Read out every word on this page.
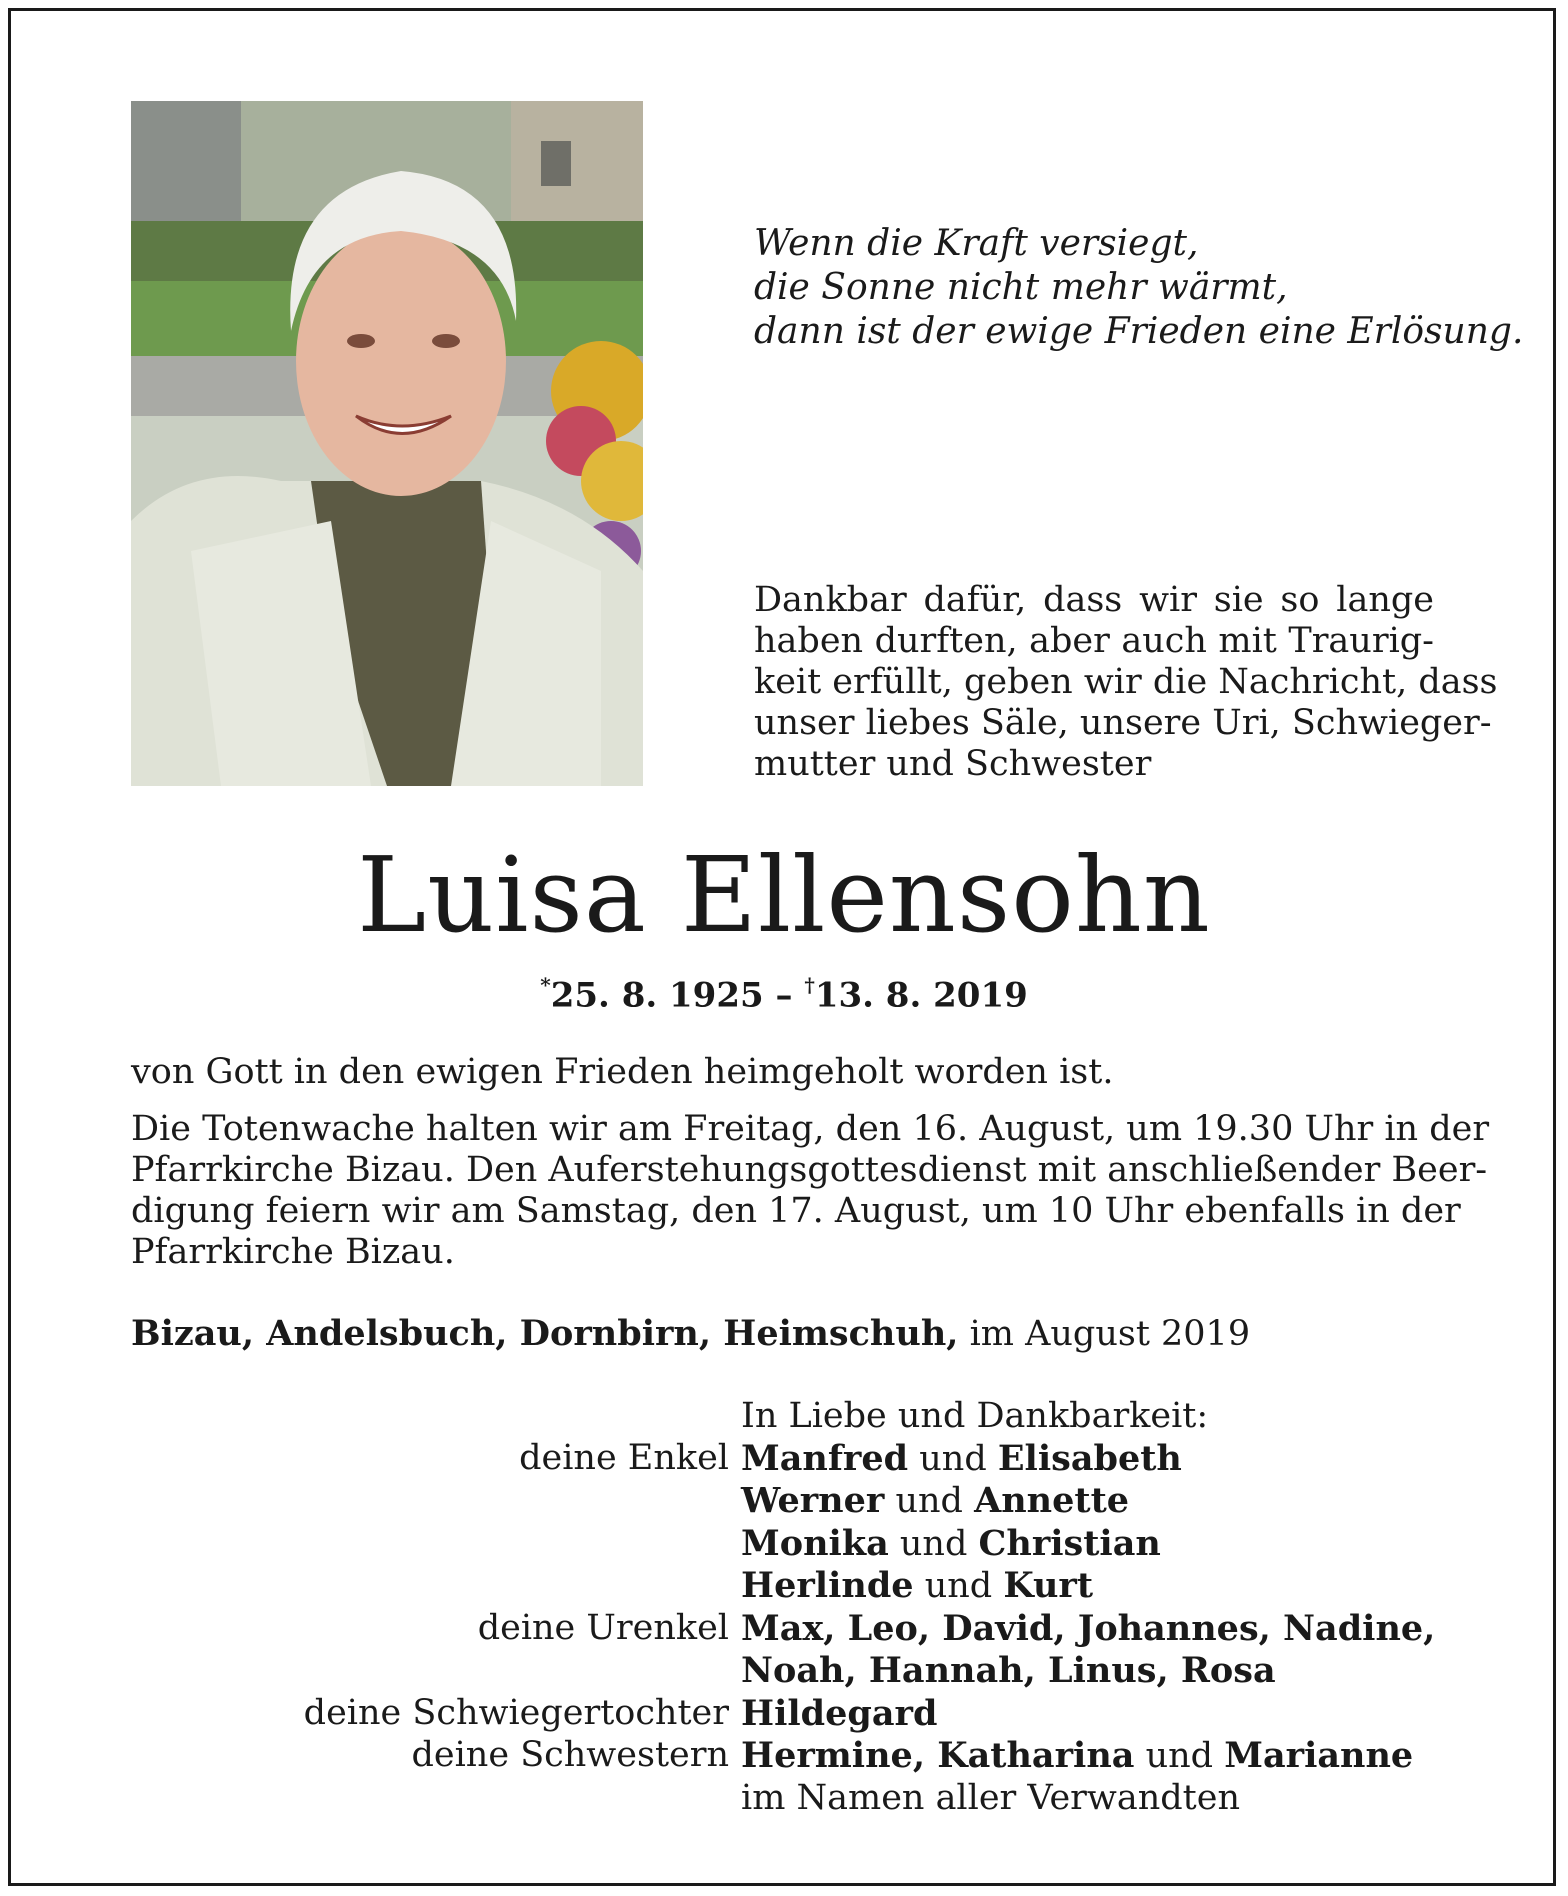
Wenn die Kraft versiegt,
die Sonne nicht mehr wärmt,
dann ist der ewige Frieden eine Erlösung.
Dankbar dafür, dass wir sie so lange
haben durften, aber auch mit Traurig-
keit erfüllt, geben wir die Nachricht, dass
unser liebes Säle, unsere Uri, Schwieger-
mutter und Schwester
Luisa Ellensohn
*25. 8. 1925 – †13. 8. 2019
von Gott in den ewigen Frieden heimgeholt worden ist.
Die Totenwache halten wir am Freitag, den 16. August, um 19.30 Uhr in der
Pfarrkirche Bizau. Den Auferstehungsgottesdienst mit anschließender Beer-
digung feiern wir am Samstag, den 17. August, um 10 Uhr ebenfalls in der
Pfarrkirche Bizau.
Bizau, Andelsbuch, Dornbirn, Heimschuh, im August 2019
In Liebe und Dankbarkeit:
deine Enkel Manfred und Elisabeth
Werner und Annette
Monika und Christian
Herlinde und Kurt
deine Urenkel Max, Leo, David, Johannes, Nadine,
Noah, Hannah, Linus, Rosa
deine Schwiegertochter Hildegard
deine Schwestern Hermine, Katharina und Marianne
im Namen aller Verwandten
